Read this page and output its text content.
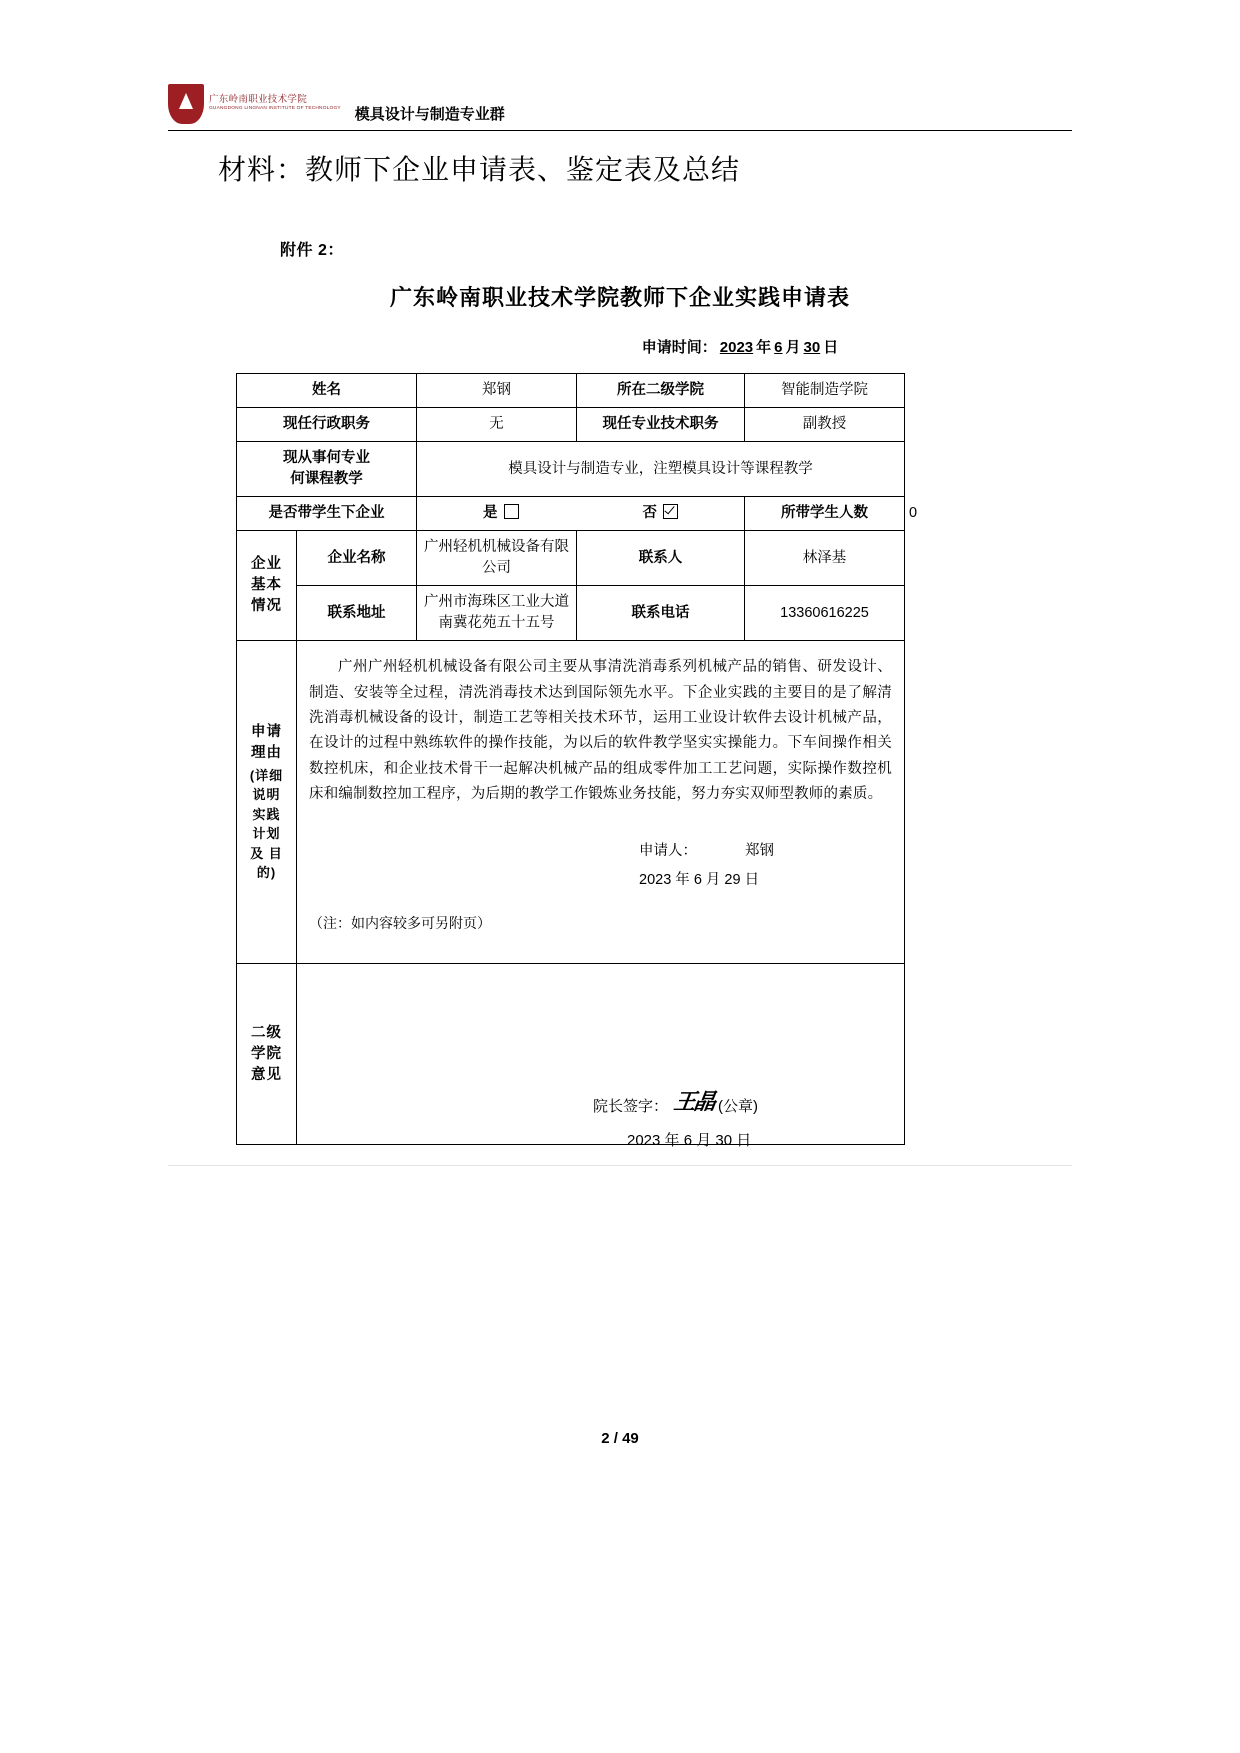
广东岭南职业技术学院
GUANGDONG LINGNAN INSTITUTE OF TECHNOLOGY 模具设计与制造专业群
材料：教师下企业申请表、鉴定表及总结
附件 2：
广东岭南职业技术学院教师下企业实践申请表
申请时间： 2023 年 6 月 30 日
姓名		郑钢	所在二级学院	智能制造学院	
现任行政职务		无	现任专业技术职务	副教授	

现从事何专业
何课程教学		模具设计与制造专业，注塑模具设计等课程教学			
是否带学生下企业		是 否		所带学生人数	0

企业
基本
情况	企业名称	广州轻机机械设备有限公司	联系人	林泽基	
	联系地址	广州市海珠区工业大道南冀花苑五十五号	联系电话	13360616225	

申请
理由
(详细
说明
实践
计划
及 目
的)

广州广州轻机机械设备有限公司主要从事清洗消毒系列机械产品的销售、研发设计、制造、安装等全过程，清洗消毒技术达到国际领先水平。下企业实践的主要目的是了解清洗消毒机械设备的设计，制造工艺等相关技术环节，运用工业设计软件去设计机械产品，在设计的过程中熟练软件的操作技能，为以后的软件教学坚实实操能力。下车间操作相关数控机床，和企业技术骨干一起解决机械产品的组成零件加工工艺问题，实际操作数控机床和编制数控加工程序，为后期的教学工作锻炼业务技能，努力夯实双师型教师的素质。
申请人：	郑钢
2023 年 6 月 29 日
（注：如内容较多可另附页）

二级
学院
意见

院长签字： 王晶 (公章)
2023 年 6 月 30 日
2 / 49
